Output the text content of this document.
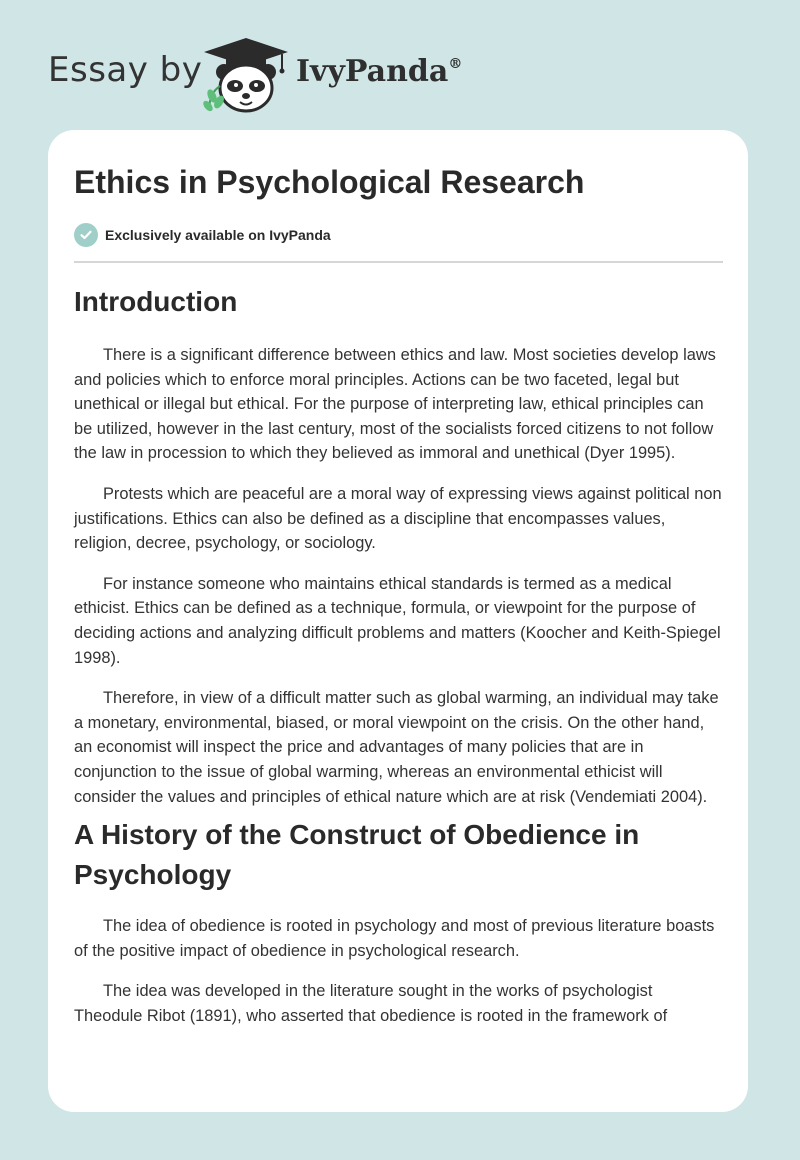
Essay by	IvyPanda®
Ethics in Psychological Research
Exclusively available on IvyPanda
Introduction

There is a significant difference between ethics and law. Most societies develop laws and policies which to enforce moral principles. Actions can be two faceted, legal but unethical or illegal but ethical. For the purpose of interpreting law, ethical principles can be utilized, however in the last century, most of the socialists forced citizens to not follow the law in procession to which they believed as immoral and unethical (Dyer 1995).

Protests which are peaceful are a moral way of expressing views against political non justifications. Ethics can also be defined as a discipline that encompasses values, religion, decree, psychology, or sociology.

For instance someone who maintains ethical standards is termed as a medical ethicist. Ethics can be defined as a technique, formula, or viewpoint for the purpose of deciding actions and analyzing difficult problems and matters (Koocher and Keith-Spiegel 1998).

Therefore, in view of a difficult matter such as global warming, an individual may take a monetary, environmental, biased, or moral viewpoint on the crisis. On the other hand, an economist will inspect the price and advantages of many policies that are in conjunction to the issue of global warming, whereas an environmental ethicist will consider the values and principles of ethical nature which are at risk (Vendemiati 2004).

A History of the Construct of Obedience in Psychology

The idea of obedience is rooted in psychology and most of previous literature boasts of the positive impact of obedience in psychological research.

The idea was developed in the literature sought in the works of psychologist Theodule Ribot (1891), who asserted that obedience is rooted in the framework of
